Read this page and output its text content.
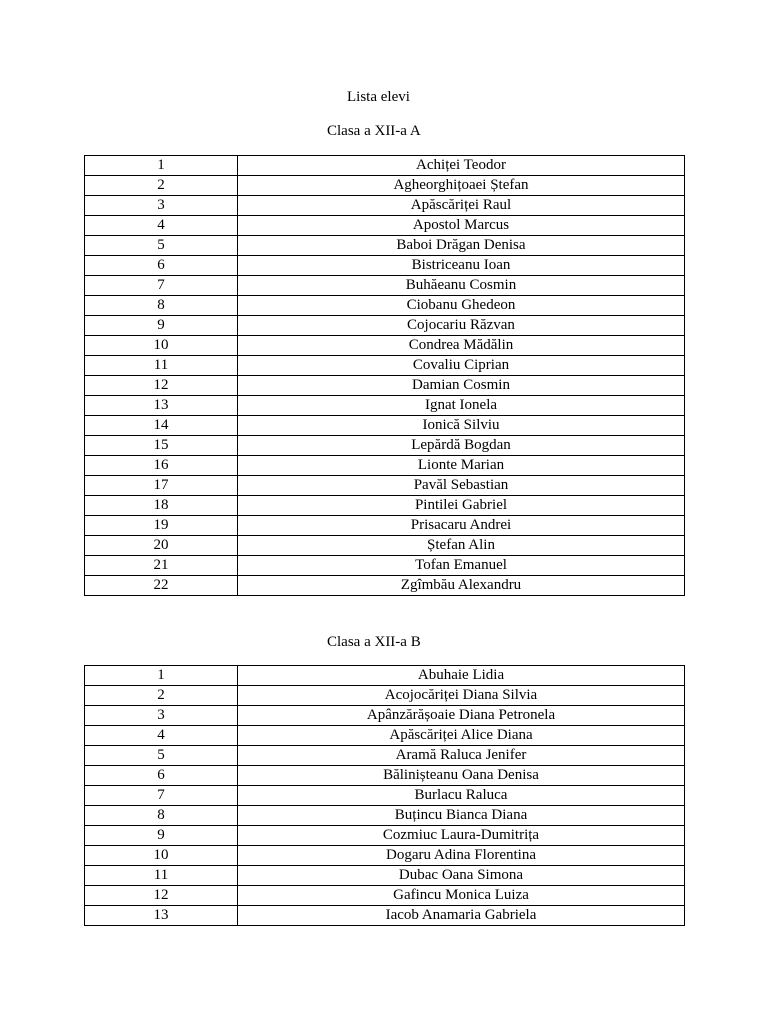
Lista elevi
Clasa a XII-a A
1	Achiței Teodor
2	Agheorghițoaei Ștefan
3	Apăscăriței Raul
4	Apostol Marcus
5	Baboi Drăgan Denisa
6	Bistriceanu Ioan
7	Buhăeanu Cosmin
8	Ciobanu Ghedeon
9	Cojocariu Răzvan
10	Condrea Mădălin
11	Covaliu Ciprian
12	Damian Cosmin
13	Ignat Ionela
14	Ionică Silviu
15	Lepărdă Bogdan
16	Lionte Marian
17	Pavăl Sebastian
18	Pintilei Gabriel
19	Prisacaru Andrei
20	Ștefan Alin
21	Tofan Emanuel
22	Zgîmbău Alexandru
Clasa a XII-a B
1	Abuhaie Lidia
2	Acojocăriței Diana Silvia
3	Apânzărășoaie Diana Petronela
4	Apăscăriței Alice Diana
5	Aramă Raluca Jenifer
6	Bălinișteanu Oana Denisa
7	Burlacu Raluca
8	Buțincu Bianca Diana
9	Cozmiuc Laura-Dumitrița
10	Dogaru Adina Florentina
11	Dubac Oana Simona
12	Gafincu Monica Luiza
13	Iacob Anamaria Gabriela
